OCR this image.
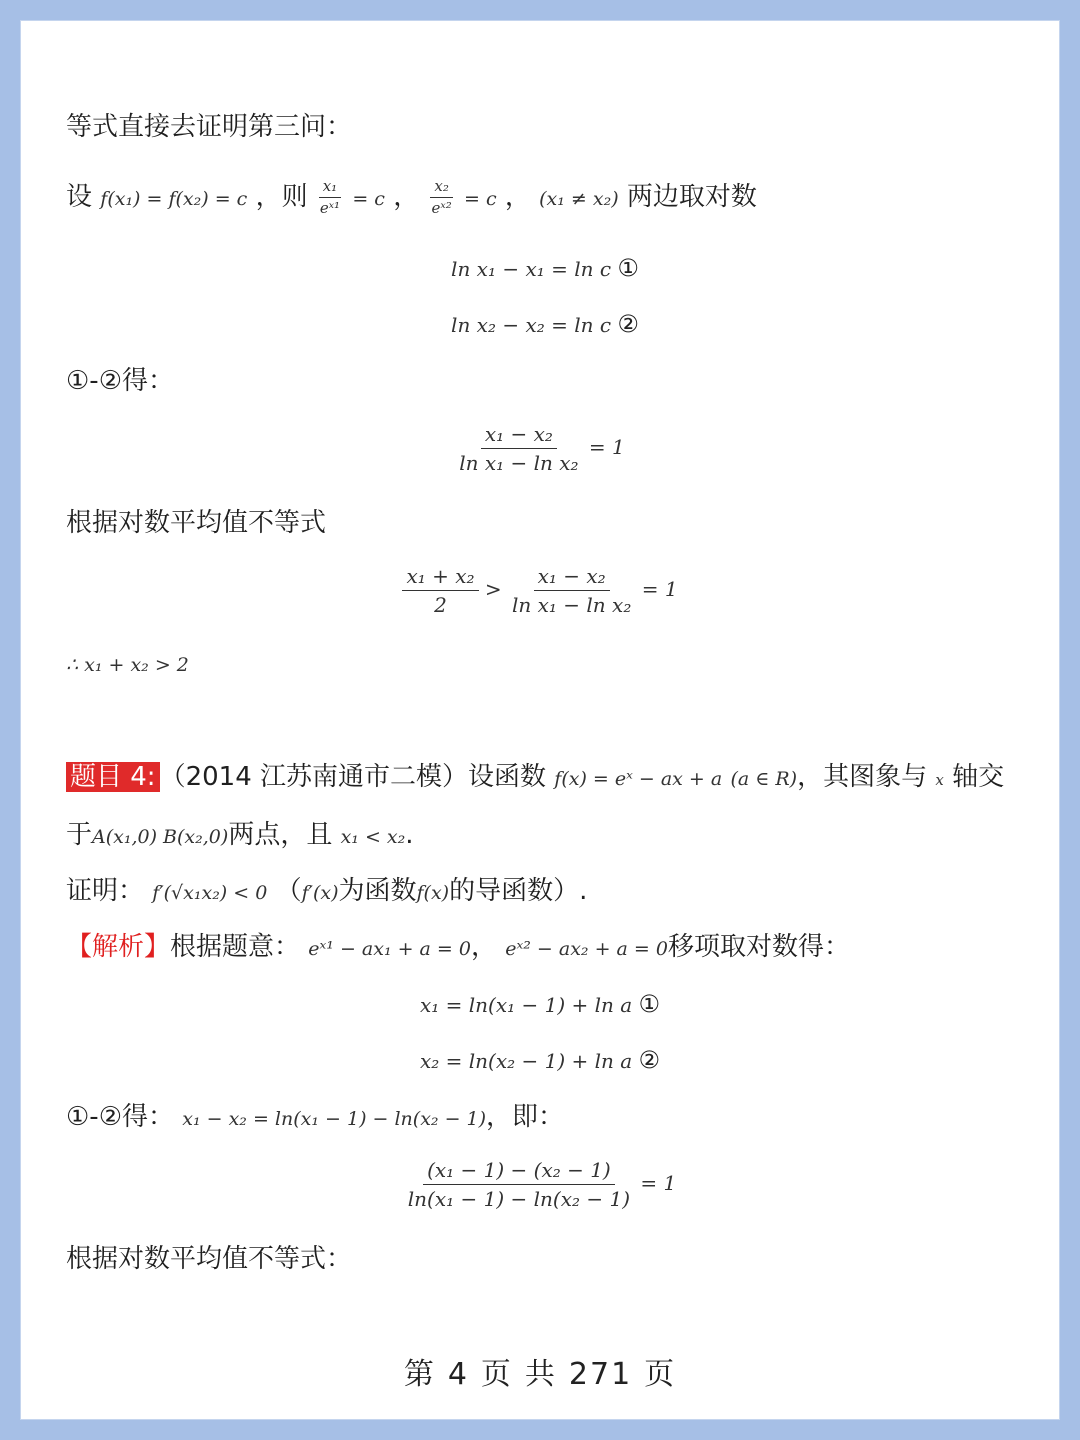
等式直接去证明第三问：
设 f(x₁) = f(x₂) = c ，则 $\frac{\text{x₁}}{\text{eˣ¹}} = c$ ， $\frac{\text{x₂}}{\text{eˣ²}} = c$ ， (x₁ ≠ x₂) 两边取对数
ln x₁ − x₁ = ln c ①
ln x₂ − x₂ = ln c ②
①-②得：
$\frac{\text{x₁ − x₂}}{\text{ln x₁ − ln x₂}} = 1$
根据对数平均值不等式
$\frac{\text{x₁ + x₂}}{2} > \frac{\text{x₁ − x₂}}{\text{ln x₁ − ln x₂}} = 1$
∴ x₁ + x₂ > 2
题目 4: （2014 江苏南通市二模）设函数 f(x) = eˣ − ax + a (a ∈ R)，其图象与 x 轴交
于A(x₁,0) B(x₂,0)两点，且 x₁ < x₂.
证明： f′(√x₁x₂) < 0 （f′(x)为函数f(x)的导函数）.
【解析】根据题意： eˣ¹ − ax₁ + a = 0， eˣ² − ax₂ + a = 0移项取对数得：
x₁ = ln(x₁ − 1) + ln a ①
x₂ = ln(x₂ − 1) + ln a ②
①-②得： x₁ − x₂ = ln(x₁ − 1) − ln(x₂ − 1)，即：
$\frac{\text{(x₁ − 1) − (x₂ − 1)}}{\text{ln(x₁ − 1) − ln(x₂ − 1)}} = 1$
根据对数平均值不等式：
第 4 页 共 271 页
